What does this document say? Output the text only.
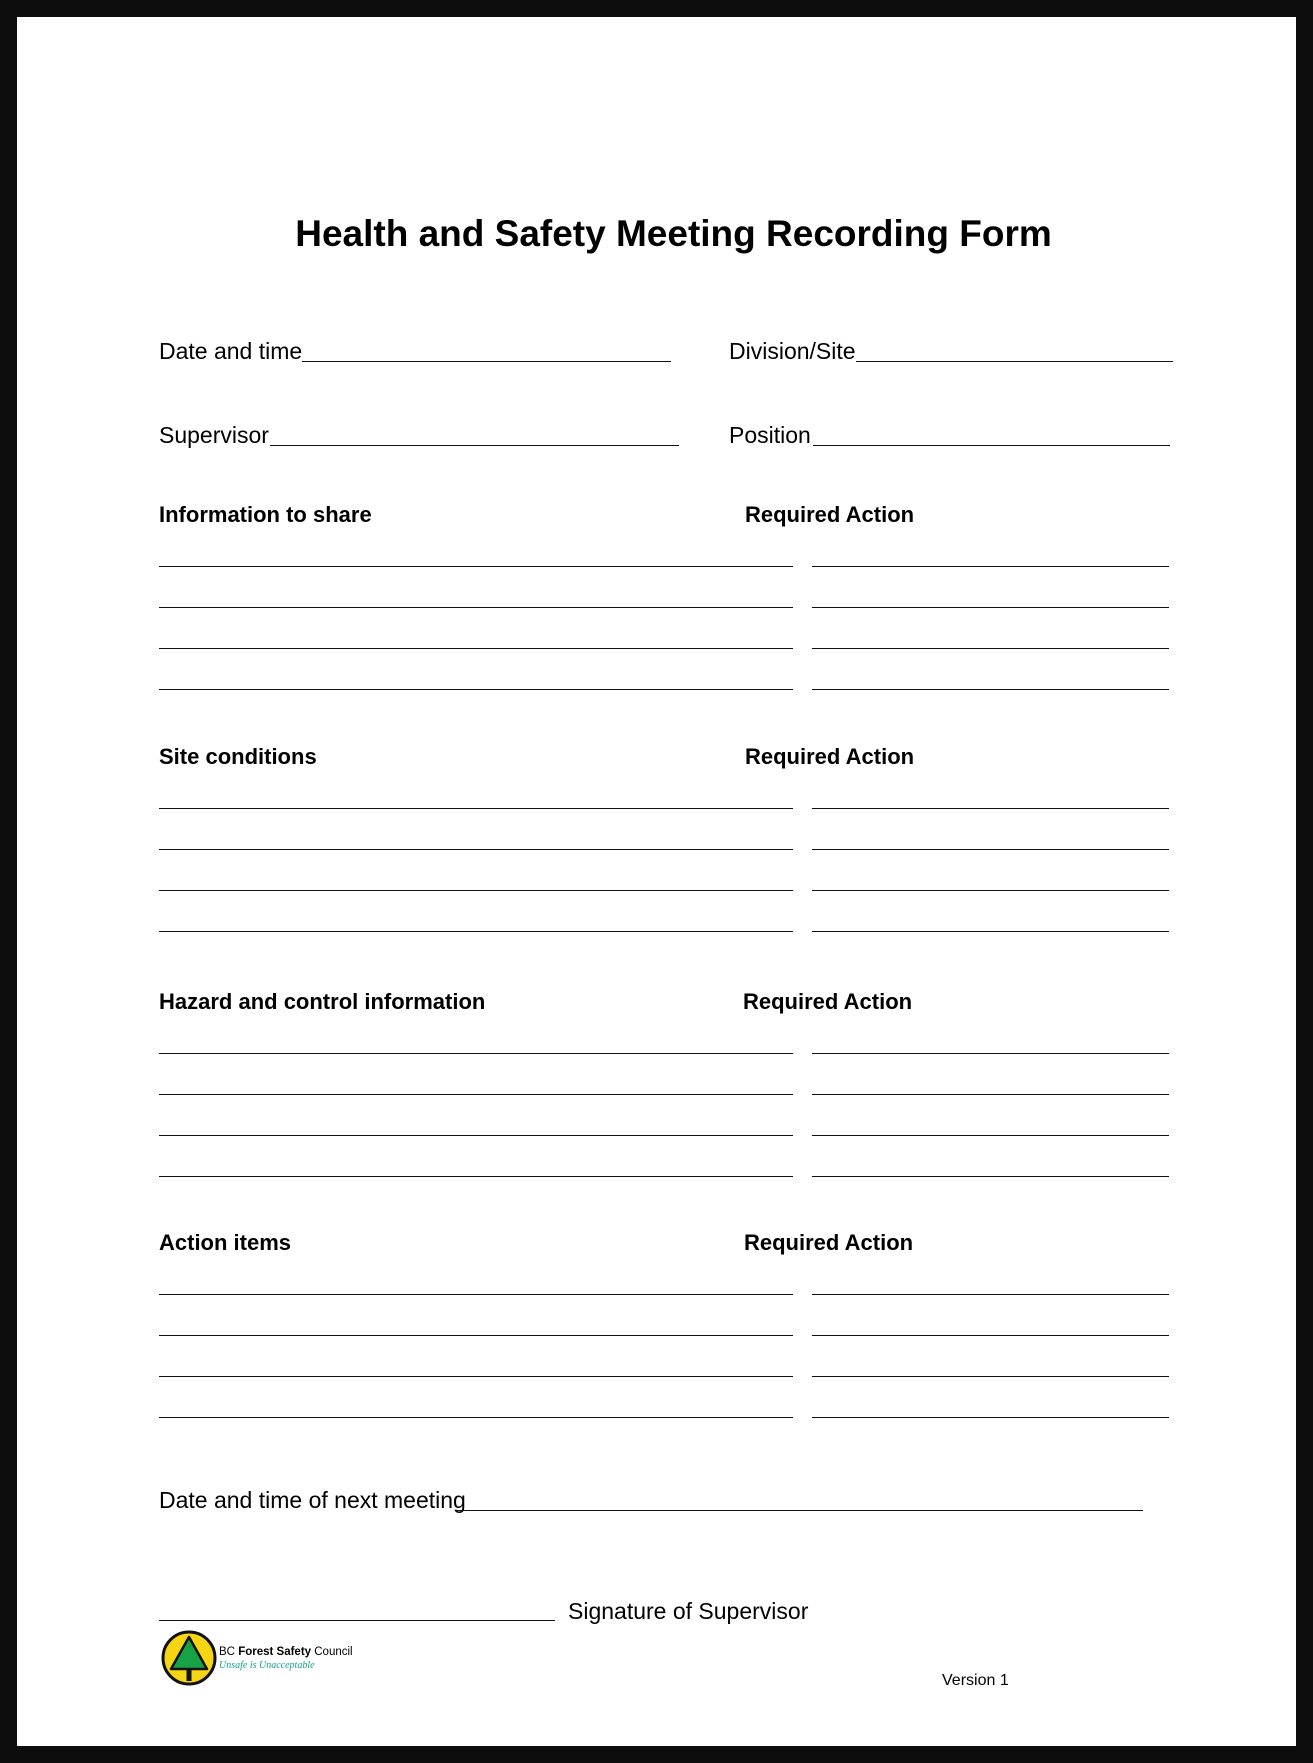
Health and Safety Meeting Recording Form
Date and time	Division/Site
Supervisor	Position
Information to share	Required Action
Site conditions	Required Action
Hazard and control information	Required Action
Action items	Required Action
Date and time of next meeting
Signature of Supervisor
BC Forest Safety Council
Unsafe is Unacceptable
Version 1
